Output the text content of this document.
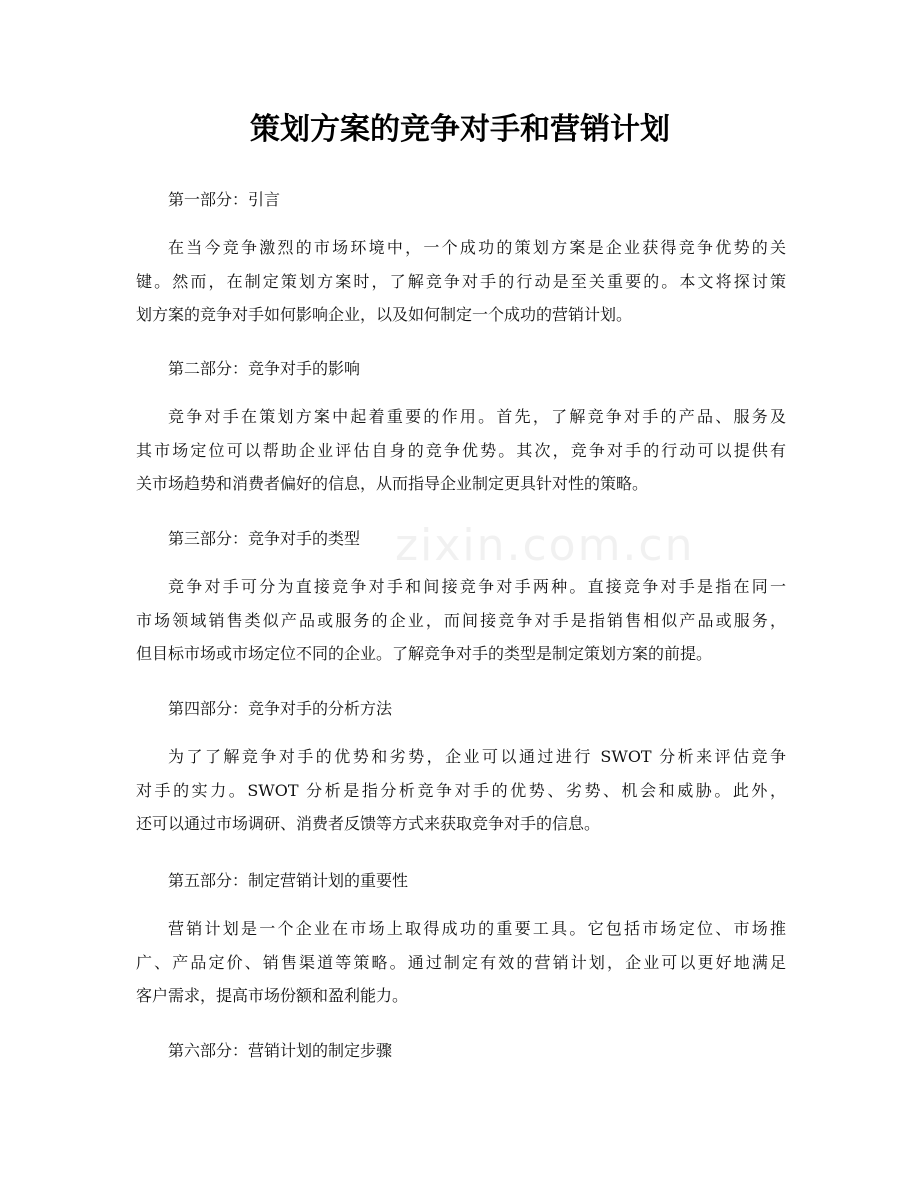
zixin.com.cn
策划方案的竞争对手和营销计划

第一部分：引言

在当今竞争激烈的市场环境中，一个成功的策划方案是企业获得竞争优势的关
键。然而，在制定策划方案时，了解竞争对手的行动是至关重要的。本文将探讨策
划方案的竞争对手如何影响企业，以及如何制定一个成功的营销计划。

第二部分：竞争对手的影响

竞争对手在策划方案中起着重要的作用。首先，了解竞争对手的产品、服务及
其市场定位可以帮助企业评估自身的竞争优势。其次，竞争对手的行动可以提供有
关市场趋势和消费者偏好的信息，从而指导企业制定更具针对性的策略。

第三部分：竞争对手的类型

竞争对手可分为直接竞争对手和间接竞争对手两种。直接竞争对手是指在同一
市场领域销售类似产品或服务的企业，而间接竞争对手是指销售相似产品或服务，
但目标市场或市场定位不同的企业。了解竞争对手的类型是制定策划方案的前提。

第四部分：竞争对手的分析方法

为了了解竞争对手的优势和劣势，企业可以通过进行 SWOT 分析来评估竞争
对手的实力。SWOT 分析是指分析竞争对手的优势、劣势、机会和威胁。此外，
还可以通过市场调研、消费者反馈等方式来获取竞争对手的信息。

第五部分：制定营销计划的重要性

营销计划是一个企业在市场上取得成功的重要工具。它包括市场定位、市场推
广、产品定价、销售渠道等策略。通过制定有效的营销计划，企业可以更好地满足
客户需求，提高市场份额和盈利能力。

第六部分：营销计划的制定步骤
